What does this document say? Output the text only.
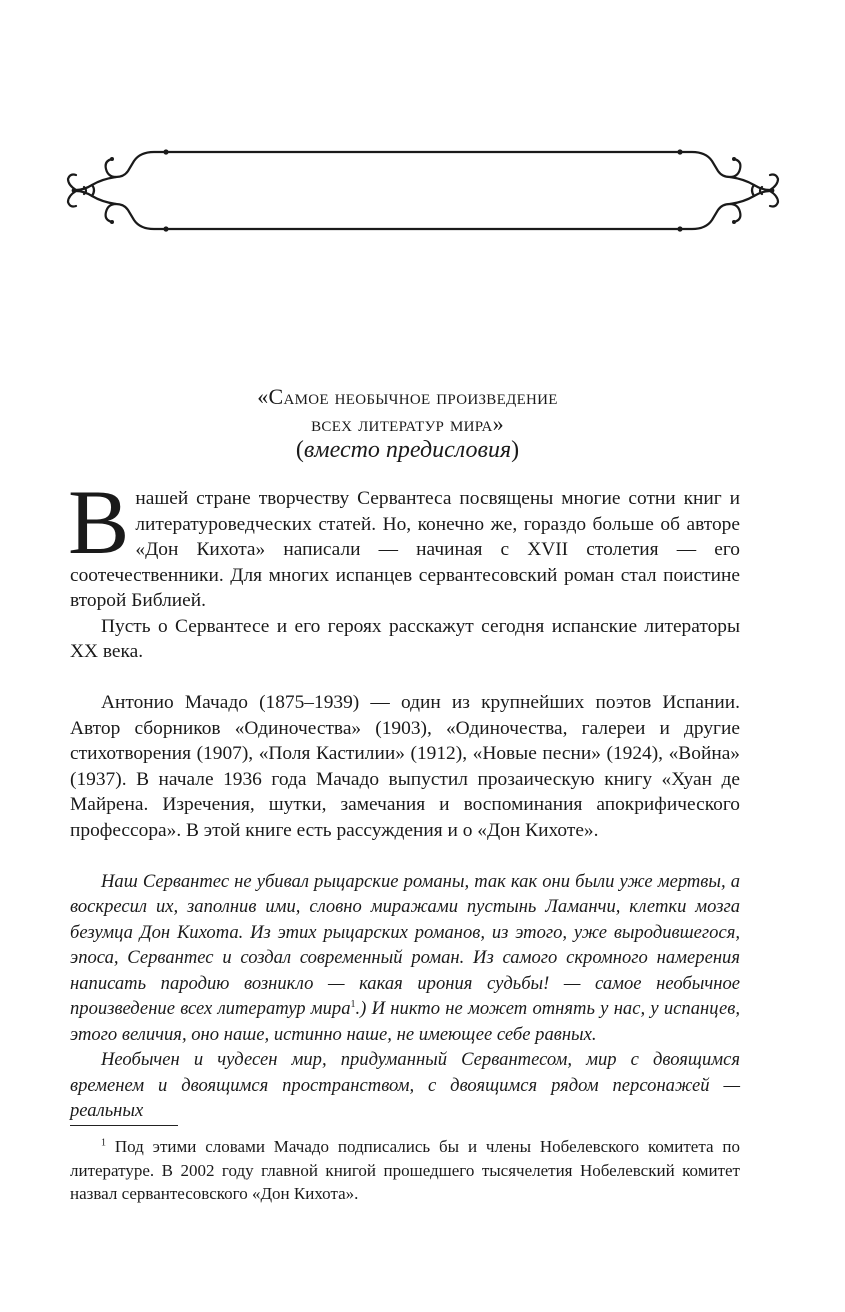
«Самое необычное произведение
всех литератур мира»
(вместо предисловия)

В нашей стране творчеству Сервантеса посвящены многие сотни книг и литературоведческих статей. Но, конечно же, гораздо больше об авторе «Дон Кихота» написали — начиная с XVII столетия — его соотечественники. Для многих испанцев сервантесовский роман стал поистине второй Библией.

Пусть о Сервантесе и его героях расскажут сегодня испанские литераторы XX века.

Антонио Мачадо (1875–1939) — один из крупнейших поэтов Испании. Автор сборников «Одиночества» (1903), «Одиночества, галереи и другие стихотворения (1907), «Поля Кастилии» (1912), «Новые песни» (1924), «Война» (1937). В начале 1936 года Мачадо выпустил прозаическую книгу «Хуан де Майрена. Изречения, шутки, замечания и воспоминания апокрифического профессора». В этой книге есть рассуждения и о «Дон Кихоте».

Наш Сервантес не убивал рыцарские романы, так как они были уже мертвы, а воскресил их, заполнив ими, словно миражами пустынь Ламанчи, клетки мозга безумца Дон Кихота. Из этих рыцарских романов, из этого, уже выродившегося, эпоса, Сервантес и создал современный роман. Из самого скромного намерения написать пародию возникло — какая ирония судьбы! — самое необычное произведение всех литератур мира$^1$.) И никто не может отнять у нас, у испанцев, этого величия, оно наше, истинно наше, не имеющее себе равных.

Необычен и чудесен мир, придуманный Сервантесом, мир с двоящимся временем и двоящимся пространством, с двоящимся рядом персонажей — реальных

$^1$ Под этими словами Мачадо подписались бы и члены Нобелевского комитета по литературе. В 2002 году главной книгой прошедшего тысячелетия Нобелевский комитет назвал сервантесовского «Дон Кихота».
